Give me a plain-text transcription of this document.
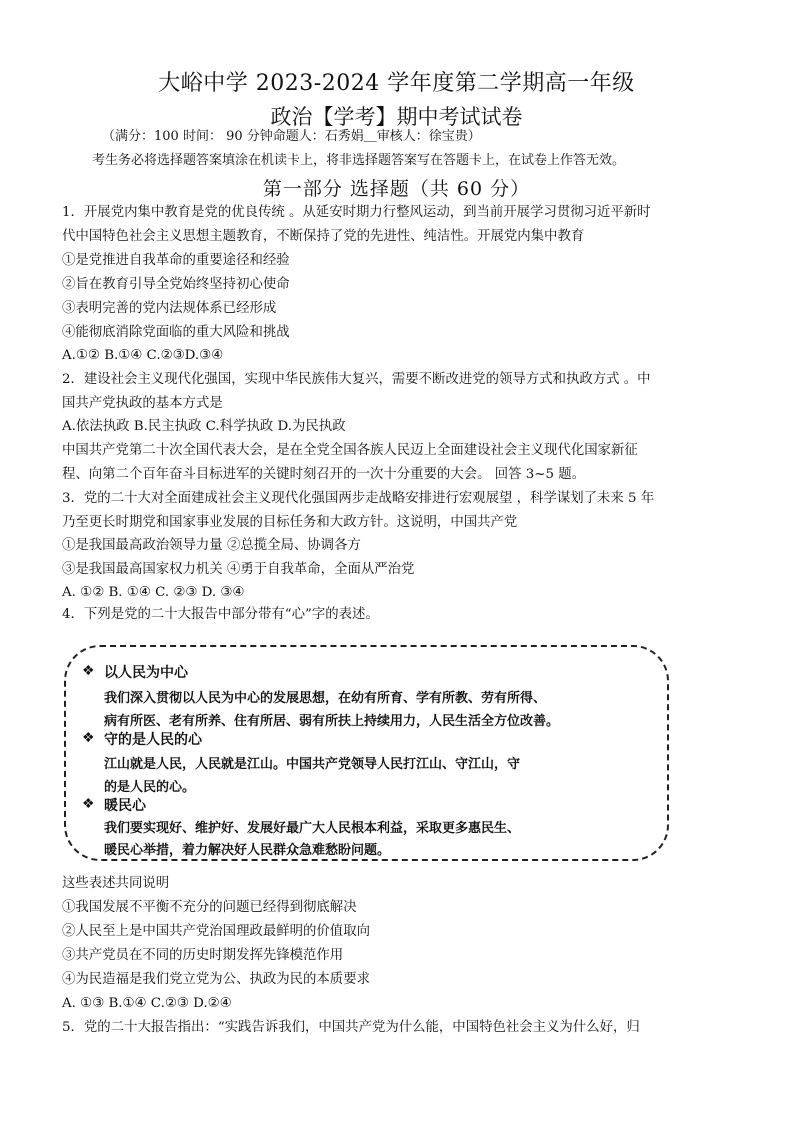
大峪中学 2023-2024 学年度第二学期高一年级
政治【学考】期中考试试卷
（满分：100 时间： 90 分钟命题人：石秀娟＿审核人：徐宝贵）
考生务必将选择题答案填涂在机读卡上，将非选择题答案写在答题卡上，在试卷上作答无效。
第一部分 选择题（共 60 分）
1．开展党内集中教育是党的优良传统 。从延安时期力行整风运动，到当前开展学习贯彻习近平新时
代中国特色社会主义思想主题教育，不断保持了党的先进性、纯洁性。开展党内集中教育
①是党推进自我革命的重要途径和经验
②旨在教育引导全党始终坚持初心使命
③表明完善的党内法规体系已经形成
④能彻底消除党面临的重大风险和挑战
A.①② B.①④ C.②③D.③④
2．建设社会主义现代化强国，实现中华民族伟大复兴，需要不断改进党的领导方式和执政方式 。中
国共产党执政的基本方式是
A.依法执政 B.民主执政 C.科学执政 D.为民执政
中国共产党第二十次全国代表大会，是在全党全国各族人民迈上全面建设社会主义现代化国家新征
程、向第二个百年奋斗目标进军的关键时刻召开的一次十分重要的大会。 回答 3~5 题。
3．党的二十大对全面建成社会主义现代化强国两步走战略安排进行宏观展望 ，科学谋划了未来 5 年
乃至更长时期党和国家事业发展的目标任务和大政方针。这说明，中国共产党
①是我国最高政治领导力量 ②总揽全局、协调各方
③是我国最高国家权力机关 ④勇于自我革命，全面从严治党
A. ①② B. ①④ C. ②③ D. ③④
4．下列是党的二十大报告中部分带有“心”字的表述。
❖ 以人民为中心
我们深入贯彻以人民为中心的发展思想，在幼有所育、学有所教、劳有所得、
病有所医、老有所养、住有所居、弱有所扶上持续用力，人民生活全方位改善。
❖ 守的是人民的心
江山就是人民，人民就是江山。中国共产党领导人民打江山、守江山，守
的是人民的心。
❖ 暖民心
我们要实现好、维护好、发展好最广大人民根本利益，采取更多惠民生、
暖民心举措，着力解决好人民群众急难愁盼问题。
这些表述共同说明
①我国发展不平衡不充分的问题已经得到彻底解决
②人民至上是中国共产党治国理政最鲜明的价值取向
③共产党员在不同的历史时期发挥先锋模范作用
④为民造福是我们党立党为公、执政为民的本质要求
A. ①③ B.①④ C.②③ D.②④
5．党的二十大报告指出：“实践告诉我们，中国共产党为什么能，中国特色社会主义为什么好，归
